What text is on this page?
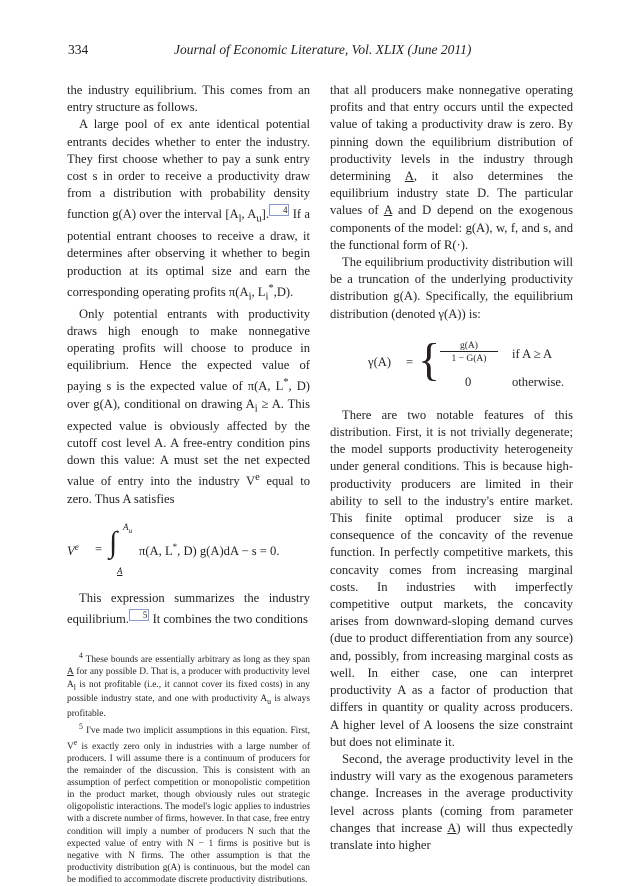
334	Journal of Economic Literature, Vol. XLIX (June 2011)

the industry equilibrium. This comes from an entry structure as follows.

A large pool of ex ante identical potential entrants decides whether to enter the industry. They first choose whether to pay a sunk entry cost s in order to receive a productivity draw from a distribution with probability density function g(A) over the interval [$A_l$, $A_u$]. $^4$ If a potential entrant chooses to receive a draw, it determines after observing it whether to begin production at its optimal size and earn the corresponding operating profits $\pi(A_i$, $L_i^*,D$).

Only potential entrants with productivity draws high enough to make nonnegative operating profits will choose to produce in equilibrium. Hence the expected value of paying s is the expected value of π(A, L*, D) over g(A), conditional on drawing $A_i \ge A$. This expected value is obviously affected by the cutoff cost level A. A free-entry condition pins down this value: A must set the net expected value of entry into the industry Ve equal to zero. Thus A satisfies

$V^e$ = ∫ $A_u$
A
π(A, L*, D) g(A)dA − s = 0.

This expression summarizes the industry equilibrium. $^5$ It combines the two conditions

$^4$ These bounds are essentially arbitrary as long as they span A for any possible D. That is, a producer with productivity level $A_l$ is not profitable (i.e., it cannot cover its fixed costs) in any possible industry state, and one with productivity $A_u$ is always profitable.

$^5$ I've made two implicit assumptions in this equation. First, Ve is exactly zero only in industries with a large number of producers. I will assume there is a continuum of producers for the remainder of the discussion. This is consistent with an assumption of perfect competition or monopolistic competition in the product market, though obviously rules out strategic oligopolistic interactions. The model's logic applies to industries with a discrete number of firms, however. In that case, free entry condition will imply a number of producers N such that the expected value of entry with N − 1 firms is positive but is negative with N firms. The other assumption is that the productivity distribution g(A) is continuous, but the model can be modified to accommodate discrete productivity distributions.

that all producers make nonnegative operating profits and that entry occurs until the expected value of taking a productivity draw is zero. By pinning down the equilibrium distribution of productivity levels in the industry through determining A, it also determines the equilibrium industry state D. The particular values of A and D depend on the exogenous components of the model: g(A), w, f, and s, and the functional form of R(·).

The equilibrium productivity distribution will be a truncation of the underlying productivity distribution g(A). Specifically, the equilibrium distribution (denoted γ(A)) is:

γ(A) = {	g(A)
1 − G(A)	if A ≥ A
0	otherwise.

There are two notable features of this distribution. First, it is not trivially degenerate; the model supports productivity heterogeneity under general conditions. This is because high-productivity producers are limited in their ability to sell to the industry's entire market. This finite optimal producer size is a consequence of the concavity of the revenue function. In perfectly competitive markets, this concavity comes from increasing marginal costs. In industries with imperfectly competitive output markets, the concavity arises from downward-sloping demand curves (due to product differentiation from any source) and, possibly, from increasing marginal costs as well. In either case, one can interpret productivity A as a factor of production that differs in quantity or quality across producers. A higher level of A loosens the size constraint but does not eliminate it.

Second, the average productivity level in the industry will vary as the exogenous parameters change. Increases in the average productivity level across plants (coming from parameter changes that increase A) will thus expectedly translate into higher
